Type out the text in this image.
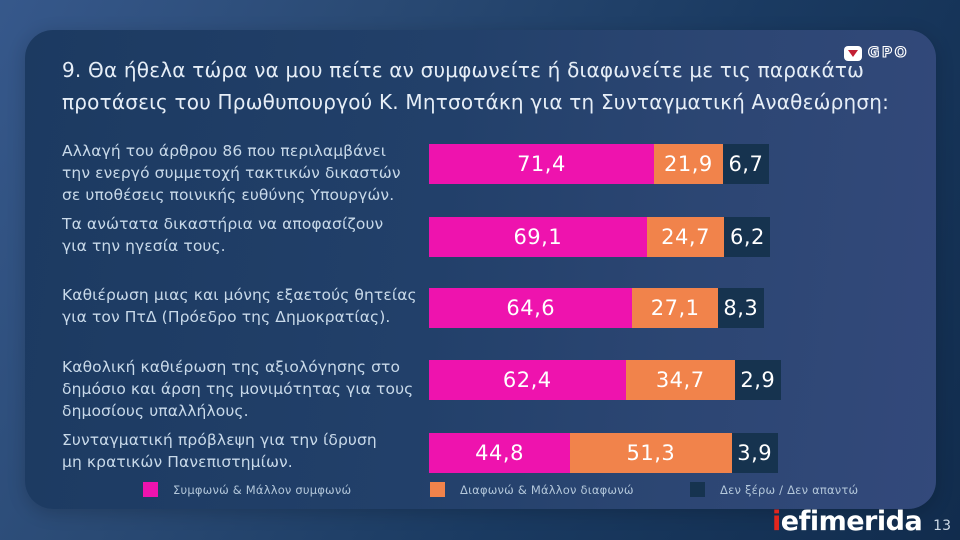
GPO
9. Θα ήθελα τώρα να μου πείτε αν συμφωνείτε ή διαφωνείτε με τις παρακάτω
προτάσεις του Πρωθυπουργού Κ. Μητσοτάκη για τη Συνταγματική Αναθεώρηση:
Αλλαγή του άρθρου 86 που περιλαμβάνει
την ενεργό συμμετοχή τακτικών δικαστών
σε υποθέσεις ποινικής ευθύνης Υπουργών.
71,4	21,9 6,7
Τα ανώτατα δικαστήρια να αποφασίζουν
για την ηγεσία τους.	69,1	24,7 6,2
Καθιέρωση μιας και μόνης εξαετούς θητείας
για τον ΠτΔ (Πρόεδρο της Δημοκρατίας).	64,6	27,1	8,3
Καθολική καθιέρωση της αξιολόγησης στο
δημόσιο και άρση της μονιμότητας για τους
δημοσίους υπαλλήλους.
62,4	34,7	2,9
Συνταγματική πρόβλεψη για την ίδρυση
μη κρατικών Πανεπιστημίων.	44,8	51,3	3,9
Συμφωνώ & Μάλλον συμφωνώ	Διαφωνώ & Μάλλον διαφωνώ	Δεν ξέρω / Δεν απαντώ
iefimerida 13
